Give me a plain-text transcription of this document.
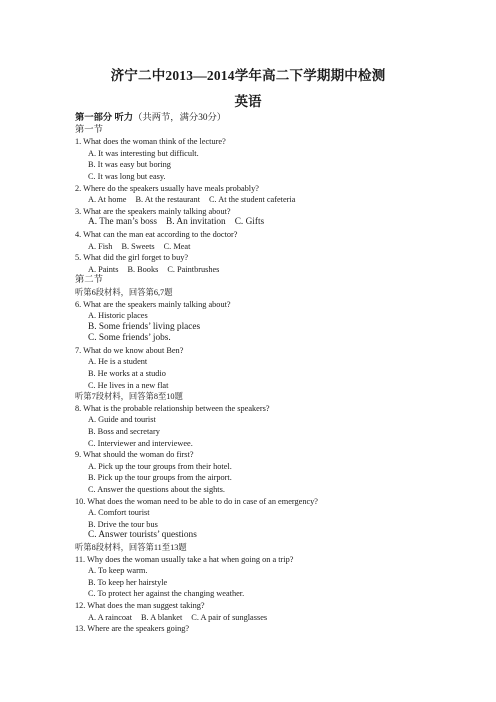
济宁二中2013—2014学年高二下学期期中检测
英语
第一部分 听力（共两节，满分30分）
第一节
1. What does the woman think of the lecture?
A. It was interesting but difficult.
B. It was easy but boring
C. It was long but easy.
2. Where do the speakers usually have meals probably?
A. At home B. At the restaurant C. At the student cafeteria
3. What are the speakers mainly talking about?
A. The man’s boss B. An invitation C. Gifts
4. What can the man eat according to the doctor?
A. Fish B. Sweets C. Meat
5. What did the girl forget to buy?
A. Paints B. Books C. Paintbrushes
第二节
听第6段材料，回答第6,7题
6. What are the speakers mainly talking about?
A. Historic places
B. Some friends’ living places
C. Some friends’ jobs.
7. What do we know about Ben?
A. He is a student
B. He works at a studio
C. He lives in a new flat
听第7段材料，回答第8至10题
8. What is the probable relationship between the speakers?
A. Guide and tourist
B. Boss and secretary
C. Interviewer and interviewee.
9. What should the woman do first?
A. Pick up the tour groups from their hotel.
B. Pick up the tour groups from the airport.
C. Answer the questions about the sights.
10. What does the woman need to be able to do in case of an emergency?
A. Comfort tourist
B. Drive the tour bus
C. Answer tourists’ questions
听第8段材料，回答第11至13题
11. Why does the woman usually take a hat when going on a trip?
A. To keep warm.
B. To keep her hairstyle
C. To protect her against the changing weather.
12. What does the man suggest taking?
A. A raincoat B. A blanket C. A pair of sunglasses
13. Where are the speakers going?
